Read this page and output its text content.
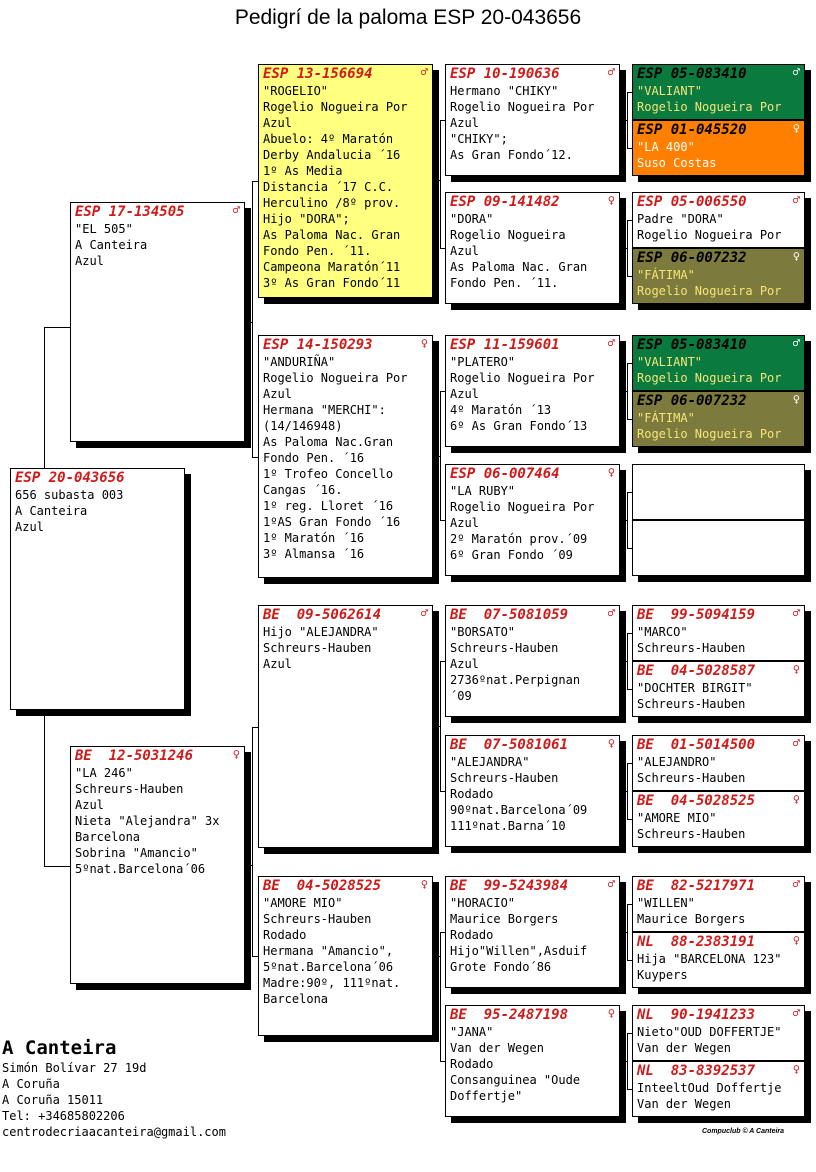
Pedigrí de la paloma ESP 20-043656
ESP 20-043656
656 subasta 003
A Canteira
Azul
ESP 17-134505	♂
"EL 505"
A Canteira
Azul
BE  12-5031246	♀
"LA 246"
Schreurs-Hauben
Azul
Nieta "Alejandra" 3x
Barcelona
Sobrina "Amancio"
5ºnat.Barcelona´06
ESP 13-156694	♂
"ROGELIO"
Rogelio Nogueira Por
Azul
Abuelo: 4º Maratón
Derby Andalucia ´16
1º As Media
Distancia ´17 C.C.
Herculino /8º prov.
Hijo "DORA";
As Paloma Nac. Gran
Fondo Pen. ´11.
Campeona Maratón´11
3º As Gran Fondo´11
ESP 14-150293	♀
"ANDURIÑA"
Rogelio Nogueira Por
Azul
Hermana "MERCHI":
(14/146948)
As Paloma Nac.Gran
Fondo Pen. ´16
1º Trofeo Concello
Cangas ´16.
1º reg. Lloret ´16
1ºAS Gran Fondo ´16
1º Maratón ´16
3º Almansa ´16
BE  09-5062614	♂
Hijo "ALEJANDRA"
Schreurs-Hauben
Azul
BE  04-5028525	♀
"AMORE MIO"
Schreurs-Hauben
Rodado
Hermana "Amancio",
5ºnat.Barcelona´06
Madre:90º, 111ºnat.
Barcelona
ESP 10-190636	♂
Hermano "CHIKY"
Rogelio Nogueira Por
Azul
"CHIKY";
As Gran Fondo´12.
ESP 09-141482	♀
"DORA"
Rogelio Nogueira
Azul
As Paloma Nac. Gran
Fondo Pen. ´11.
ESP 11-159601	♂
"PLATERO"
Rogelio Nogueira Por
Azul
4º Maratón ´13
6º As Gran Fondo´13
ESP 06-007464	♀
"LA RUBY"
Rogelio Nogueira Por
Azul
2º Maratón prov.´09
6º Gran Fondo ´09
BE  07-5081059	♂
"BORSATO"
Schreurs-Hauben
Azul
2736ºnat.Perpignan
´09
BE  07-5081061	♀
"ALEJANDRA"
Schreurs-Hauben
Rodado
90ºnat.Barcelona´09
111ºnat.Barna´10
BE  99-5243984	♂
"HORACIO"
Maurice Borgers
Rodado
Hijo"Willen",Asduif
Grote Fondo´86
BE  95-2487198	♀
"JANA"
Van der Wegen
Rodado
Consanguinea "Oude
Doffertje"
ESP 05-083410	♂
"VALIANT"
Rogelio Nogueira Por
ESP 01-045520	♀
"LA 400"
Suso Costas
ESP 05-006550	♂
Padre "DORA"
Rogelio Nogueira Por
ESP 06-007232	♀
"FÁTIMA"
Rogelio Nogueira Por
ESP 05-083410	♂
"VALIANT"
Rogelio Nogueira Por
ESP 06-007232	♀
"FÁTIMA"
Rogelio Nogueira Por
BE  99-5094159	♂
"MARCO"
Schreurs-Hauben
BE  04-5028587	♀
"DOCHTER BIRGIT"
Schreurs-Hauben
BE  01-5014500	♂
"ALEJANDRO"
Schreurs-Hauben
BE  04-5028525	♀
"AMORE MIO"
Schreurs-Hauben
BE  82-5217971	♂
"WILLEN"
Maurice Borgers
NL  88-2383191	♀
Hija "BARCELONA 123"
Kuypers
NL  90-1941233	♂
Nieto"OUD DOFFERTJE"
Van der Wegen
NL  83-8392537	♀
InteeltOud Doffertje
Van der Wegen
A Canteira
Simón Bolívar 27 19d
A Coruña
A Coruña 15011
Tel: +34685802206
centrodecriaacanteira@gmail.com	Compuclub © A Canteira
